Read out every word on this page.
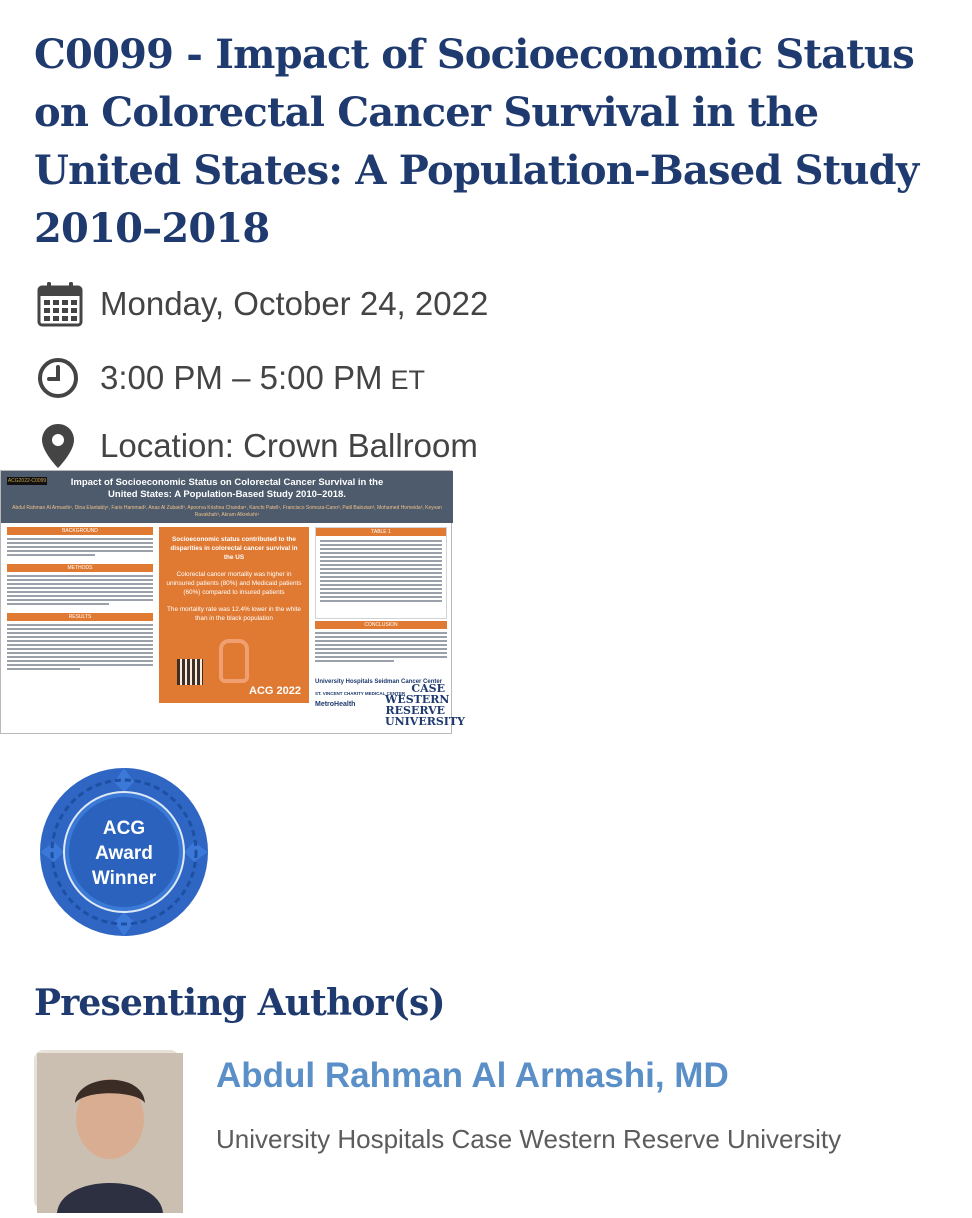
C0099 - Impact of Socioeconomic Status on Colorectal Cancer Survival in the United States: A Population-Based Study 2010–2018
Monday, October 24, 2022
3:00 PM – 5:00 PM ET
Location: Crown Ballroom
ACG2022-C0099	Impact of Socioeconomic Status on Colorectal Cancer Survival in the United States: A Population-Based Study 2010–2018.
Abdul Rahman Al Armashi¹, Dina Elantably¹, Faris Hammad², Anas Al Zubaidi³, Apoorva Krishna Chandar¹, Kanchi Patell¹, Francisco Somoza-Cano³, Patil Balozian³, Mohamed Homeida³, Keyvan Ravakhah³, Akram Alkrekshi⁴
BACKGROUND
METHODS
RESULTS

Socioeconomic status contributed to the disparities in colorectal cancer survival in the US

Colorectal cancer mortality was higher in uninsured patients (80%) and Medicaid patients (60%) compared to insured patients

The mortality rate was 12.4% lower in the white than in the black population

ACG 2022
TABLE 1
CONCLUSION
University Hospitals Seidman Cancer Center
ST. VINCENT CHARITY MEDICAL CENTER
MetroHealth
CASE WESTERN RESERVE UNIVERSITY
ACG
Award
Winner
Presenting Author(s)
Abdul Rahman Al Armashi, MD
University Hospitals Case Western Reserve University
